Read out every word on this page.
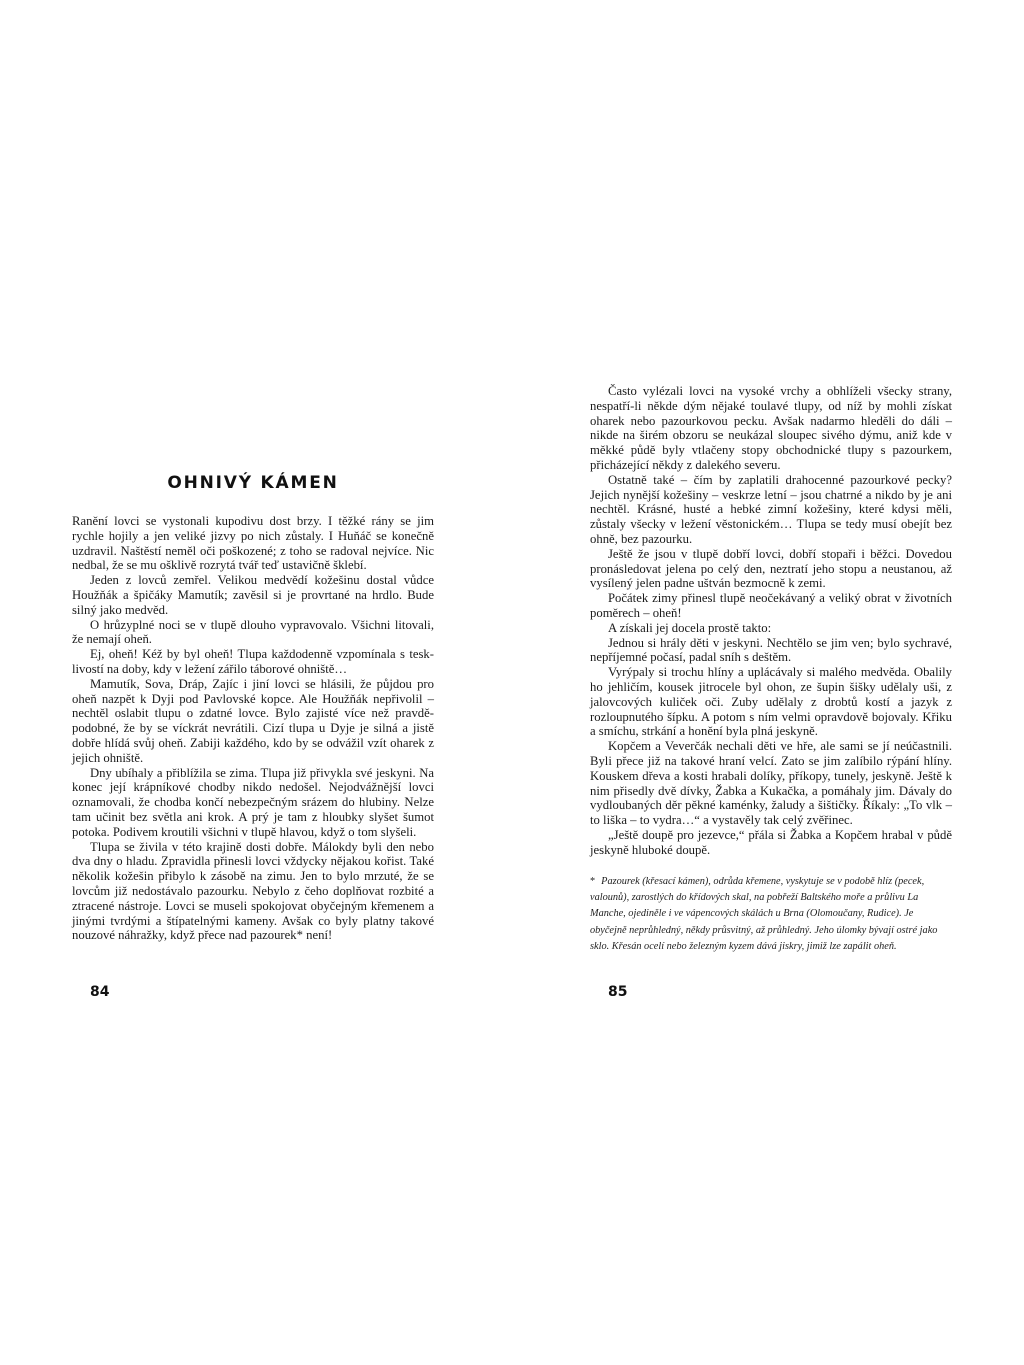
OHNIVÝ KÁMEN

Ranění lovci se vystonali kupodivu dost brzy. I těžké rány se jim rychle hojily a jen veliké jizvy po nich zůstaly. I Huňáč se konečně uzdravil. Naštěstí neměl oči poškozené; z toho se radoval nejvíce. Nic nedbal, že se mu ošklivě rozrytá tvář teď ustavičně šklebí.

Jeden z lovců zemřel. Velikou medvědí kožešinu dostal vůdce Houžňák a špičáky Mamutík; zavěsil si je provrtané na hrdlo. Bude silný jako medvěd.

O hrůzyplné noci se v tlupě dlouho vypravovalo. Všichni litovali, že nemají oheň.

Ej, oheň! Kéž by byl oheň! Tlupa každodenně vzpomínala s tesklivostí na doby, kdy v ležení zářilo táborové ohniště…

Mamutík, Sova, Dráp, Zajíc i jiní lovci se hlásili, že půjdou pro oheň nazpět k Dyji pod Pavlovské kopce. Ale Houžňák nepřivolil – nechtěl oslabit tlupu o zdatné lovce. Bylo zajisté více než pravděpodobné, že by se víckrát nevrátili. Cizí tlupa u Dyje je silná a jistě dobře hlídá svůj oheň. Zabiji každého, kdo by se odvážil vzít oharek z jejich ohniště.

Dny ubíhaly a přiblížila se zima. Tlupa již přivykla své jeskyni. Na konec její krápníkové chodby nikdo nedošel. Nejodvážnější lovci oznamovali, že chodba končí nebezpečným srázem do hlubiny. Nelze tam učinit bez světla ani krok. A prý je tam z hloubky slyšet šumot potoka. Podivem kroutili všichni v tlupě hlavou, když o tom slyšeli.

Tlupa se živila v této krajině dosti dobře. Málokdy byli den nebo dva dny o hladu. Zpravidla přinesli lovci vždycky nějakou kořist. Také několik kožešin přibylo k zásobě na zimu. Jen to bylo mrzuté, že se lovcům již nedostávalo pazourku. Nebylo z čeho doplňovat rozbité a ztracené nástroje. Lovci se museli spokojovat obyčejným křemenem a jinými tvrdými a štípatelnými kameny. Avšak co byly platny takové nouzové náhražky, když přece nad pazourek* není!

84

Často vylézali lovci na vysoké vrchy a obhlíželi všecky strany, nespatří-li někde dým nějaké toulavé tlupy, od níž by mohli získat oharek nebo pazourkovou pecku. Avšak nadarmo hleděli do dáli – nikde na širém obzoru se neukázal sloupec sivého dýmu, aniž kde v měkké půdě byly vtlačeny stopy obchodnické tlupy s pazourkem, přicházející někdy z dalekého severu.

Ostatně také – čím by zaplatili drahocenné pazourkové pecky? Jejich nynější kožešiny – veskrze letní – jsou chatrné a nikdo by je ani nechtěl. Krásné, husté a hebké zimní kožešiny, které kdysi měli, zůstaly všecky v ležení věstonickém… Tlupa se tedy musí obejít bez ohně, bez pazourku.

Ještě že jsou v tlupě dobří lovci, dobří stopaři i běžci. Dovedou pronásledovat jelena po celý den, neztratí jeho stopu a neustanou, až vysílený jelen padne uštván bezmocně k zemi.

Počátek zimy přinesl tlupě neočekávaný a veliký obrat v životních poměrech – oheň!

A získali jej docela prostě takto:

Jednou si hrály děti v jeskyni. Nechtělo se jim ven; bylo sychravé, nepříjemné počasí, padal sníh s deštěm.

Vyrýpaly si trochu hlíny a uplácávaly si malého medvěda. Obalily ho jehličím, kousek jitrocele byl ohon, ze šupin šišky udělaly uši, z jalovcových kuliček oči. Zuby udělaly z drobtů kostí a jazyk z rozloupnutého šípku. A potom s ním velmi opravdově bojovaly. Křiku a smíchu, strkání a honění byla plná jeskyně.

Kopčem a Veverčák nechali děti ve hře, ale sami se jí neúčastnili. Byli přece již na takové hraní velcí. Zato se jim zalíbilo rýpání hlíny. Kouskem dřeva a kosti hrabali dolíky, příkopy, tunely, jeskyně. Ještě k nim přisedly dvě dívky, Žabka a Kukačka, a pomáhaly jim. Dávaly do vydloubaných děr pěkné kaménky, žaludy a šištičky. Říkaly: „To vlk – to liška – to vydra…“ a vystavěly tak celý zvěřinec.

„Ještě doupě pro jezevce,“ přála si Žabka a Kopčem hrabal v půdě jeskyně hluboké doupě.

* Pazourek (křesací kámen), odrůda křemene, vyskytuje se v podobě hlíz (pecek, valounů), zarostlých do křídových skal, na pobřeží Baltského moře a průlivu La Manche, ojediněle i ve vápencových skálách u Brna (Olomoučany, Rudice). Je obyčejně neprůhledný, někdy průsvitný, až průhledný. Jeho úlomky bývají ostré jako sklo. Křesán ocelí nebo železným kyzem dává jiskry, jimiž lze zapálit oheň.

85
